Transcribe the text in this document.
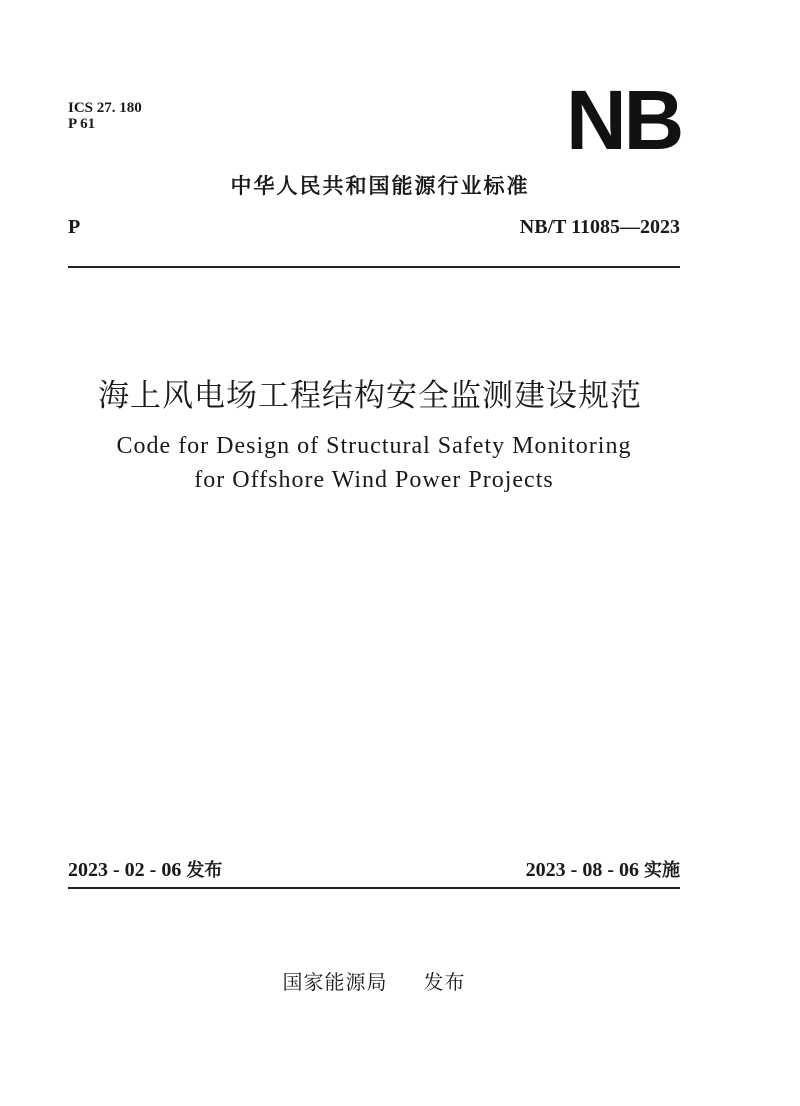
ICS 27. 180
P 61	NB
中华人民共和国能源行业标准
P	NB/T 11085—2023
海上风电场工程结构安全监测建设规范
Code for Design of Structural Safety Monitoring
for Offshore Wind Power Projects
2023 - 02 - 06 发布	2023 - 08 - 06 实施
国家能源局 发布
